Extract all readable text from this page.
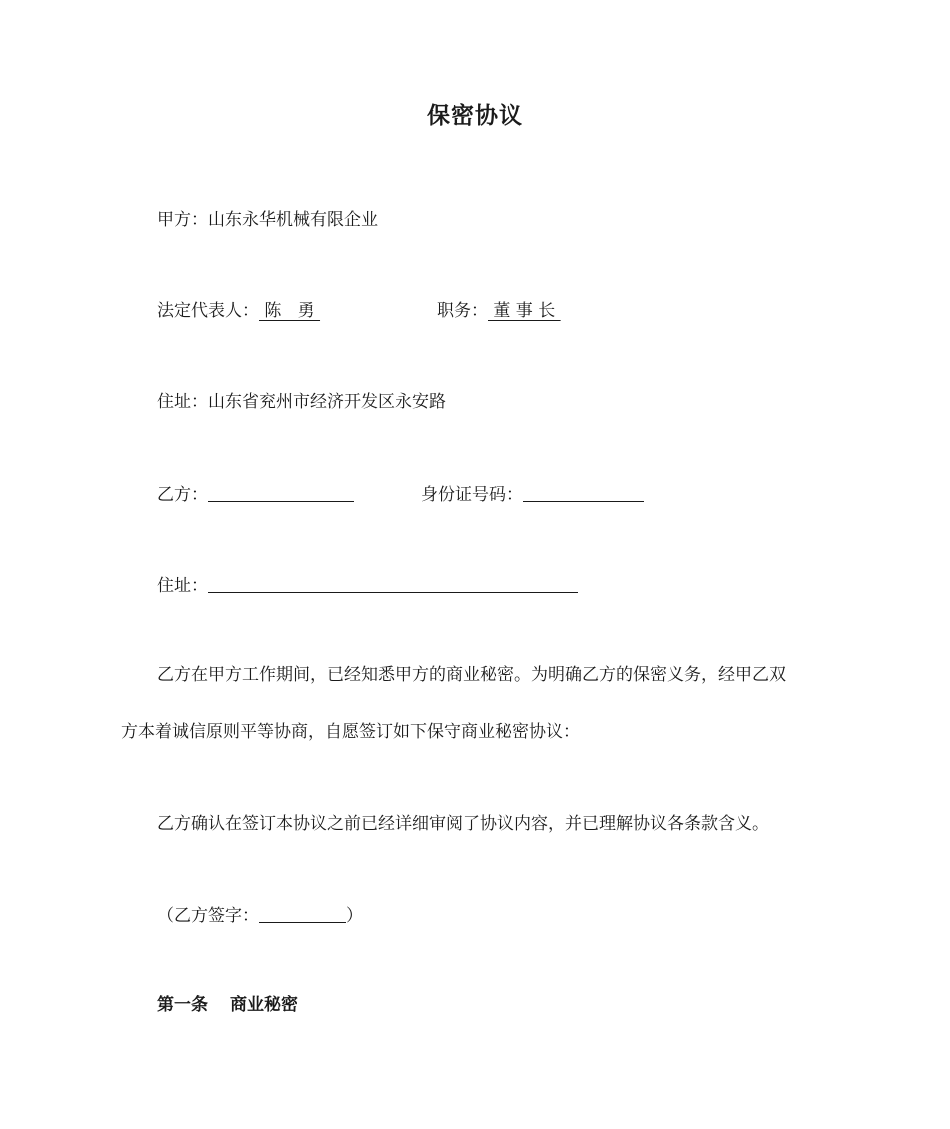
保密协议
甲方：山东永华机械有限企业
法定代表人： 陈   勇	职务： 董 事 长
住址：山东省兖州市经济开发区永安路
乙方：	身份证号码：
住址：
乙方在甲方工作期间，已经知悉甲方的商业秘密。为明确乙方的保密义务，经甲乙双
方本着诚信原则平等协商，自愿签订如下保守商业秘密协议：
乙方确认在签订本协议之前已经详细审阅了协议内容，并已理解协议各条款含义。
（乙方签字：	）
第一条 商业秘密
